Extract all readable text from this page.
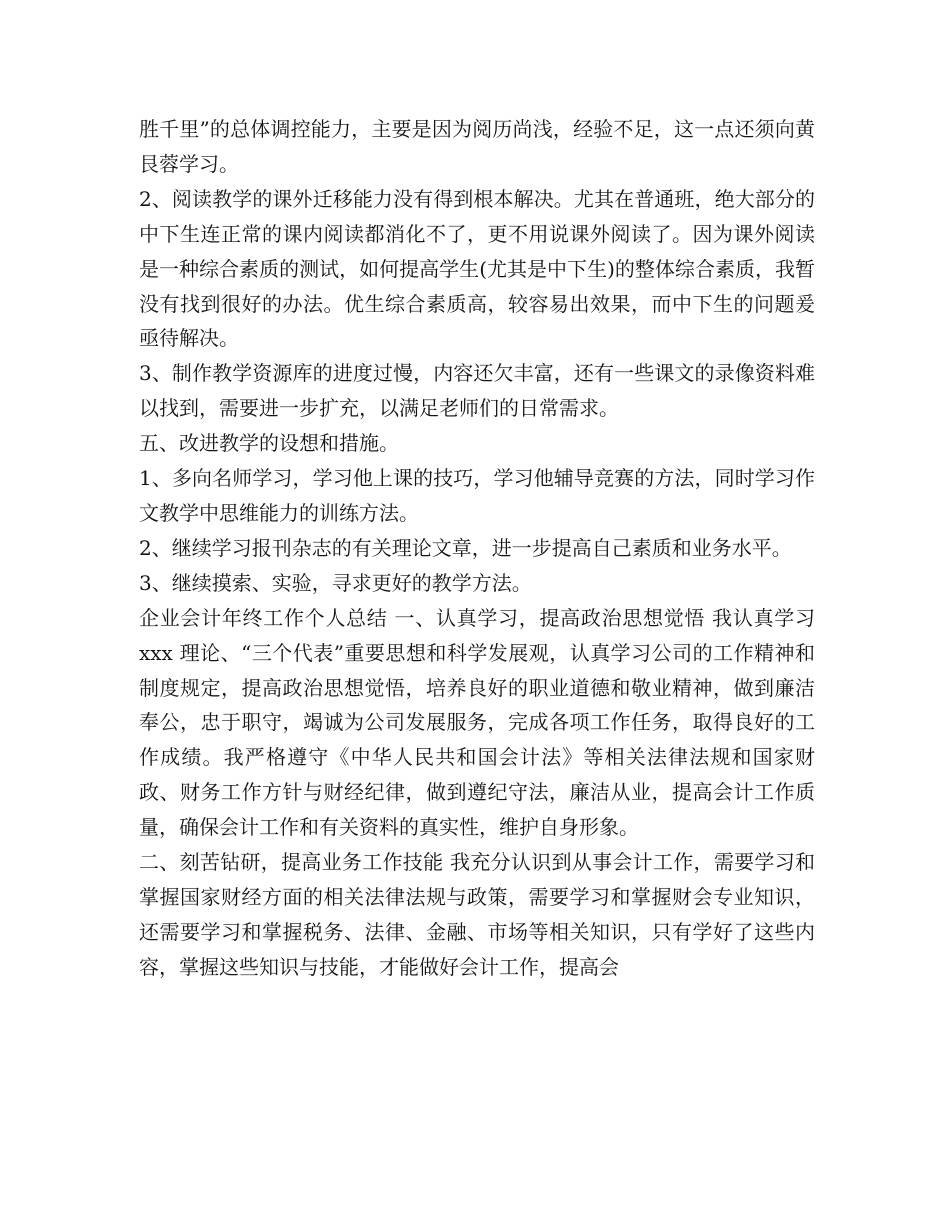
胜千里”的总体调控能力，主要是因为阅历尚浅，经验不足，这一点还须向黄艮蓉学习。

2、阅读教学的课外迁移能力没有得到根本解决。尤其在普通班，绝大部分的中下生连正常的课内阅读都消化不了，更不用说课外阅读了。因为课外阅读是一种综合素质的测试，如何提高学生(尤其是中下生)的整体综合素质，我暂没有找到很好的办法。优生综合素质高，较容易出效果，而中下生的问题爰亟待解决。

3、制作教学资源库的进度过慢，内容还欠丰富，还有一些课文的录像资料难以找到，需要进一步扩充，以满足老师们的日常需求。

五、改进教学的设想和措施。

1、多向名师学习，学习他上课的技巧，学习他辅导竞赛的方法，同时学习作文教学中思维能力的训练方法。

2、继续学习报刊杂志的有关理论文章，进一步提高自己素质和业务水平。

3、继续摸索、实验，寻求更好的教学方法。

企业会计年终工作个人总结 一、认真学习，提高政治思想觉悟 我认真学习 xxx 理论、“三个代表”重要思想和科学发展观，认真学习公司的工作精神和制度规定，提高政治思想觉悟，培养良好的职业道德和敬业精神，做到廉洁奉公，忠于职守，竭诚为公司发展服务，完成各项工作任务，取得良好的工作成绩。我严格遵守《中华人民共和国会计法》等相关法律法规和国家财政、财务工作方针与财经纪律，做到遵纪守法，廉洁从业，提高会计工作质量，确保会计工作和有关资料的真实性，维护自身形象。

二、刻苦钻研，提高业务工作技能 我充分认识到从事会计工作，需要学习和掌握国家财经方面的相关法律法规与政策，需要学习和掌握财会专业知识，还需要学习和掌握税务、法律、金融、市场等相关知识，只有学好了这些内容，掌握这些知识与技能，才能做好会计工作，提高会
